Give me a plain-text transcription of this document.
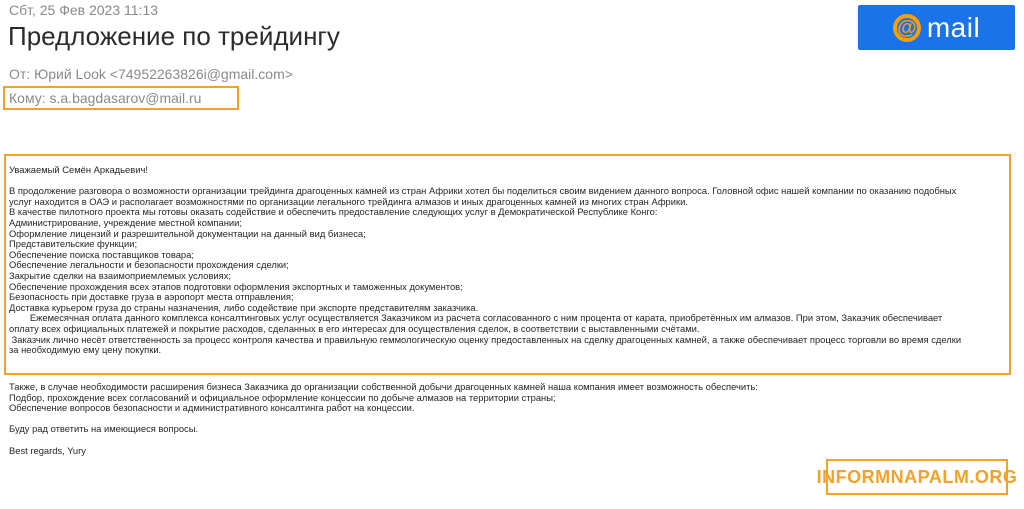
Сбт, 25 Фев 2023 11:13
Предложение по трейдингу
От: Юрий Look <74952263826i@gmail.com>
Кому: s.a.bagdasarov@mail.ru
@ mail
Уважаемый Семён Аркадьевич!
В продолжение разговора о возможности организации трейдинга драгоценных камней из стран Африки хотел бы поделиться своим видением данного вопроса. Головной офис нашей компании по оказанию подобных
услуг находится в ОАЭ и располагает возможностями по организации легального трейдинга алмазов и иных драгоценных камней из многих стран Африки.
В качестве пилотного проекта мы готовы оказать содействие и обеспечить предоставление следующих услуг в Демократической Республике Конго:
Администрирование, учреждение местной компании;
Оформление лицензий и разрешительной документации на данный вид бизнеса;
Представительские функции;
Обеспечение поиска поставщиков товара;
Обеспечение легальности и безопасности прохождения сделки;
Закрытие сделки на взаимоприемлемых условиях;
Обеспечение прохождения всех этапов подготовки оформления экспортных и таможенных документов;
Безопасность при доставке груза в аэропорт места отправления;
Доставка курьером груза до страны назначения, либо содействие при экспорте представителям заказчика.
Ежемесячная оплата данного комплекса консалтинговых услуг осуществляется Заказчиком из расчета согласованного с ним процента от карата, приобретённых им алмазов. При этом, Заказчик обеспечивает
оплату всех официальных платежей и покрытие расходов, сделанных в его интересах для осуществления сделок, в соответствии с выставленными счётами.
Заказчик лично несёт ответственность за процесс контроля качества и правильную геммологическую оценку предоставленных на сделку драгоценных камней, а также обеспечивает процесс торговли во время сделки
за необходимую ему цену покупки.
Также, в случае необходимости расширения бизнеса Заказчика до организации собственной добычи драгоценных камней наша компания имеет возможность обеспечить:
Подбор, прохождение всех согласований и официальное оформление концессии по добыче алмазов на территории страны;
Обеспечение вопросов безопасности и административного консалтинга работ на концессии.
Буду рад ответить на имеющиеся вопросы.
Best regards, Yury
INFORMNAPALM.ORG
